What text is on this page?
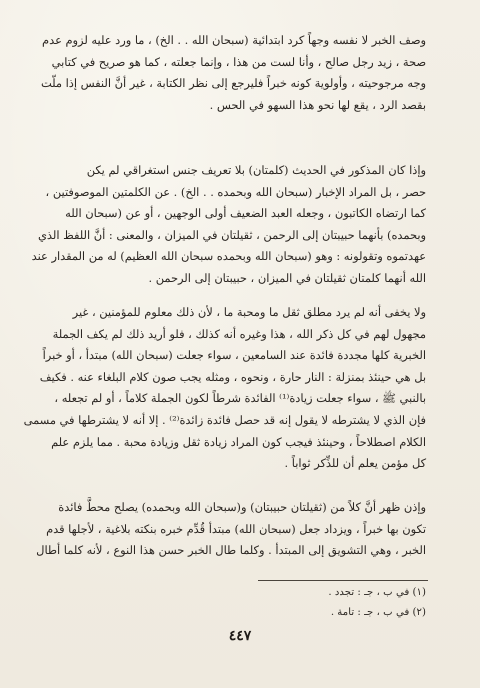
وصف الخبر لا نفسه وجهاً كرد ابتدائية (سبحان الله . . الخ) ، ما ورد عليه لزوم عدم
صحة ، زيد رجل صالح ، وأنا لست من هذا ، وإنما جعلته ، كما هو صريح في كتابي
وجه مرجوحيته ، وأولوية كونه خبراً فليرجع إلى نظر الكتابة ، غير أنَّ النفس إذا ملّت
بقصد الرد ، يقع لها نحو هذا السهو في الحس .
وإذا كان المذكور في الحديث (كلمتان) بلا تعريف جنس استغراقي لم يكن
حصر ، بل المراد الإخبار (سبحان الله وبحمده . . الخ) . عن الكلمتين الموصوفتين ،
كما ارتضاه الكاتبون ، وجعله العبد الضعيف أولى الوجهين ، أو عن (سبحان الله
وبحمده) بأنهما حبيبتان إلى الرحمن ، ثقيلتان في الميزان ، والمعنى : أنَّ اللفظ الذي
عهدتموه وتقولونه : وهو (سبحان الله وبحمده سبحان الله العظيم) له من المقدار عند
الله أنهما كلمتان ثقيلتان في الميزان ، حبيبتان إلى الرحمن .
ولا يخفى أنه لم يرد مطلق ثقل ما ومحبة ما ، لأن ذلك معلوم للمؤمنين ، غير
مجهول لهم في كل ذكر الله ، هذا وغيره أنه كذلك ، فلو أريد ذلك لم يكف الجملة
الخبرية كلها مجددة فائدة عند السامعين ، سواء جعلت (سبحان الله) مبتدأ ، أو خبراً
بل هي حينئذ بمنزلة : النار حارة ، ونحوه ، ومثله يجب صون كلام البلغاء عنه . فكيف
بالنبي ﷺ ، سواء جعلت زيادة⁽¹⁾ الفائدة شرطاً لكون الجملة كلاماً ، أو لم تجعله ،
فإن الذي لا يشترطه لا يقول إنه قد حصل فائدة زائدة⁽²⁾ . إلا أنه لا يشترطها في مسمى
الكلام اصطلاحاً ، وحينئذ فيجب كون المراد زيادة ثقل وزيادة محبة . مما يلزم علم
كل مؤمن يعلم أن للذِّكر ثواباً .
وإذن ظهر أنَّ كلاً من (ثقيلتان حبيبتان) و(سبحان الله وبحمده) يصلح محطَّ فائدة
تكون بها خبراً ، ويزداد جعل (سبحان الله) مبتدأ قُدِّم خبره بنكته بلاغية ، لأجلها قدم
الخبر ، وهي التشويق إلى المبتدأ . وكلما طال الخبر حسن هذا النوع ، لأنه كلما أطال
(١) في ب ، جـ : تجدد .
(٢) في ب ، جـ : تامة .
٤٤٧
